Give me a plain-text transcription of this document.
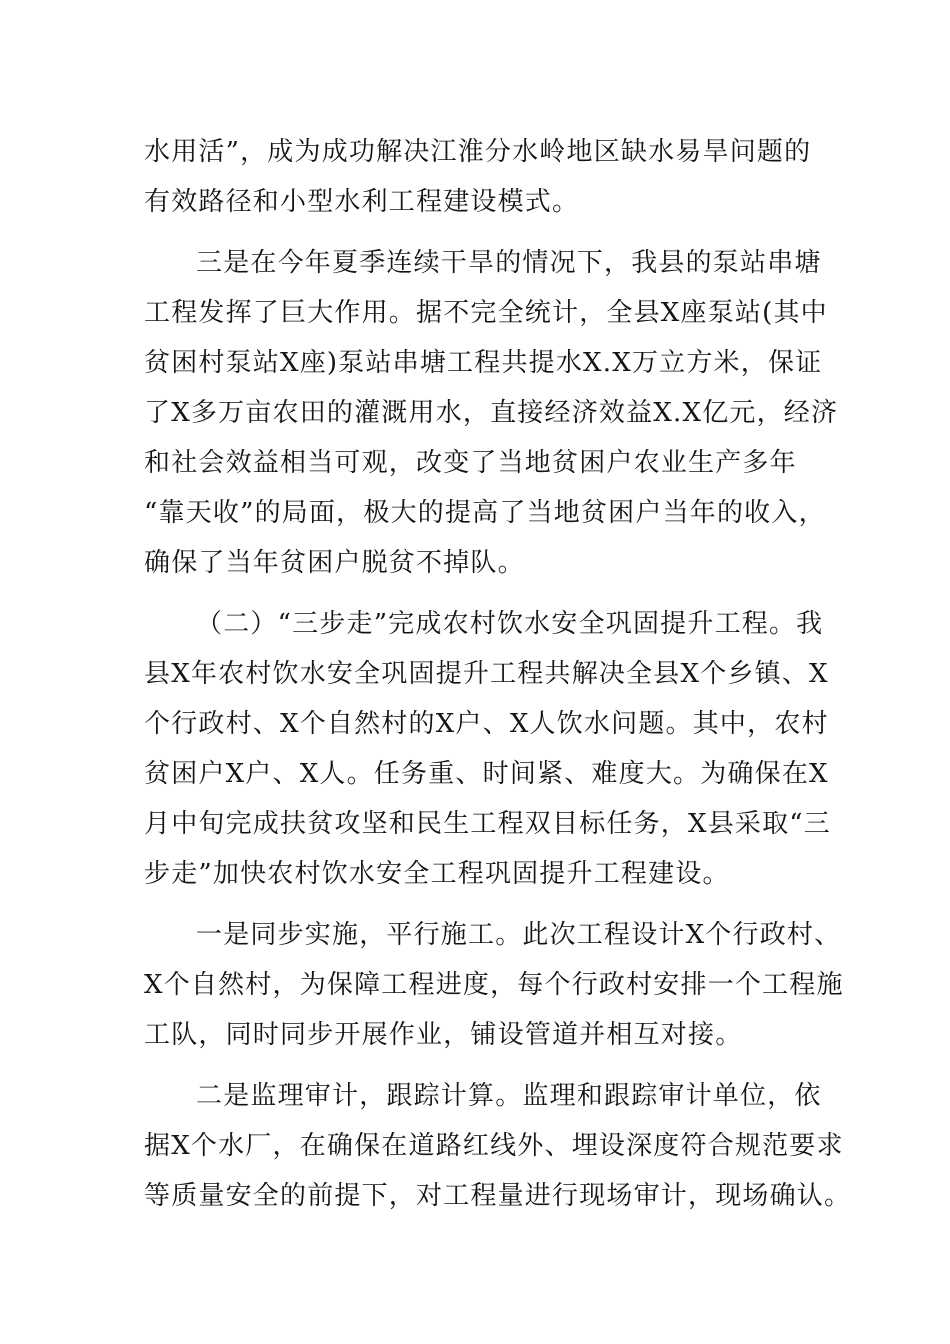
水用活”，成为成功解决江淮分水岭地区缺水易旱问题的
有效路径和小型水利工程建设模式。
三是在今年夏季连续干旱的情况下，我县的泵站串塘
工程发挥了巨大作用。据不完全统计，全县X座泵站(其中
贫困村泵站X座)泵站串塘工程共提水X.X万立方米，保证
了X多万亩农田的灌溉用水，直接经济效益X.X亿元，经济
和社会效益相当可观，改变了当地贫困户农业生产多年
“靠天收”的局面，极大的提高了当地贫困户当年的收入，
确保了当年贫困户脱贫不掉队。
（二）“三步走”完成农村饮水安全巩固提升工程。我
县X年农村饮水安全巩固提升工程共解决全县X个乡镇、X
个行政村、X个自然村的X户、X人饮水问题。其中，农村
贫困户X户、X人。任务重、时间紧、难度大。为确保在X
月中旬完成扶贫攻坚和民生工程双目标任务，X县采取“三
步走”加快农村饮水安全工程巩固提升工程建设。
一是同步实施，平行施工。此次工程设计X个行政村、
X个自然村，为保障工程进度，每个行政村安排一个工程施
工队，同时同步开展作业，铺设管道并相互对接。
二是监理审计，跟踪计算。监理和跟踪审计单位，依
据X个水厂，在确保在道路红线外、埋设深度符合规范要求
等质量安全的前提下，对工程量进行现场审计，现场确认。
